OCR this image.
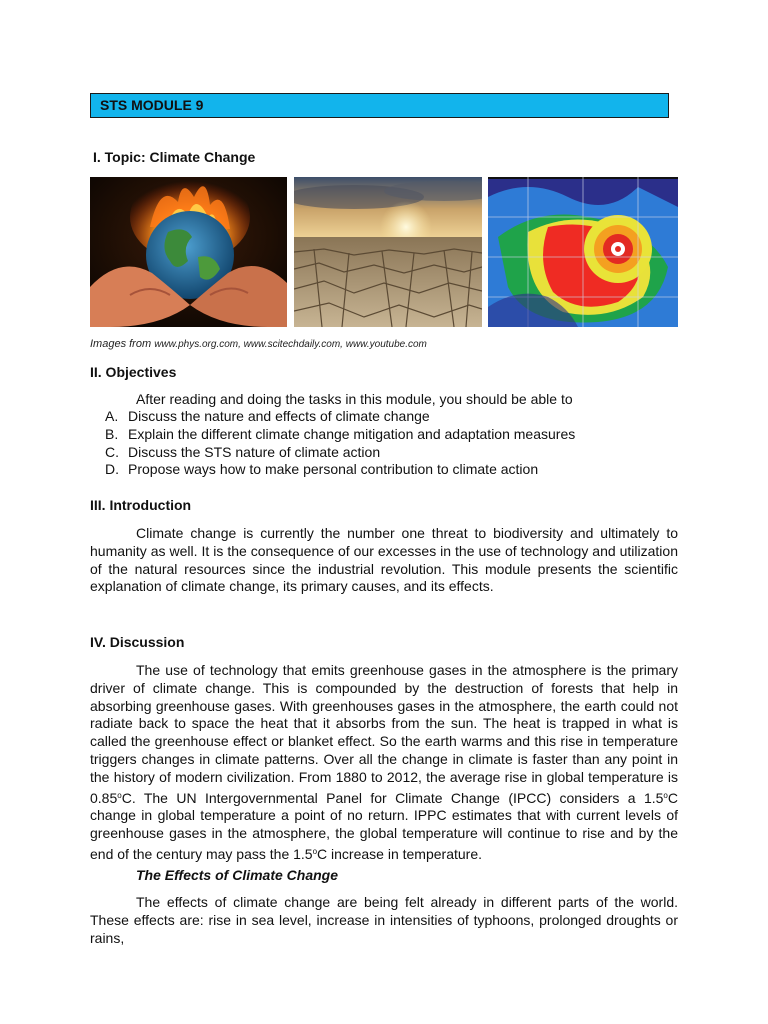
STS MODULE 9
I. Topic: Climate Change
Images from www.phys.org.com, www.scitechdaily.com, www.youtube.com
II. Objectives
After reading and doing the tasks in this module, you should be able to
A. Discuss the nature and effects of climate change
B. Explain the different climate change mitigation and adaptation measures
C. Discuss the STS nature of climate action
D. Propose ways how to make personal contribution to climate action
III. Introduction
Climate change is currently the number one threat to biodiversity and ultimately to humanity as well. It is the consequence of our excesses in the use of technology and utilization of the natural resources since the industrial revolution. This module presents the scientific explanation of climate change, its primary causes, and its effects.
IV. Discussion
The use of technology that emits greenhouse gases in the atmosphere is the primary driver of climate change. This is compounded by the destruction of forests that help in absorbing greenhouse gases. With greenhouses gases in the atmosphere, the earth could not radiate back to space the heat that it absorbs from the sun. The heat is trapped in what is called the greenhouse effect or blanket effect. So the earth warms and this rise in temperature triggers changes in climate patterns. Over all the change in climate is faster than any point in the history of modern civilization. From 1880 to 2012, the average rise in global temperature is 0.85$^o$C. The UN Intergovernmental Panel for Climate Change (IPCC) considers a 1.5$^o$C change in global temperature a point of no return. IPPC estimates that with current levels of greenhouse gases in the atmosphere, the global temperature will continue to rise and by the end of the century may pass the 1.5$^o$C increase in temperature.
The Effects of Climate Change
The effects of climate change are being felt already in different parts of the world. These effects are: rise in sea level, increase in intensities of typhoons, prolonged droughts or rains,
